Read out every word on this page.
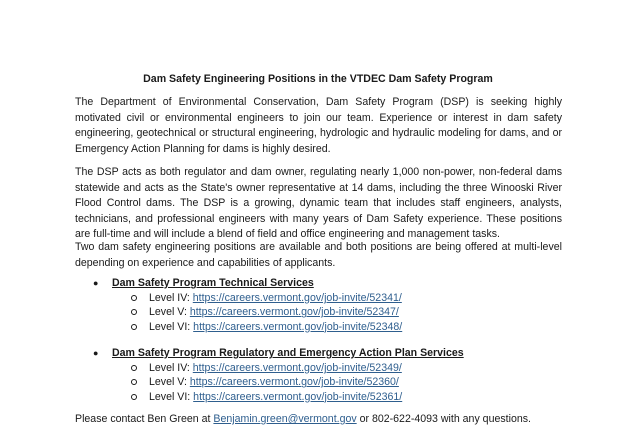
Dam Safety Engineering Positions in the VTDEC Dam Safety Program

The Department of Environmental Conservation, Dam Safety Program (DSP) is seeking highly motivated civil or environmental engineers to join our team. Experience or interest in dam safety engineering, geotechnical or structural engineering, hydrologic and hydraulic modeling for dams, and or Emergency Action Planning for dams is highly desired.

The DSP acts as both regulator and dam owner, regulating nearly 1,000 non-power, non-federal dams statewide and acts as the State's owner representative at 14 dams, including the three Winooski River Flood Control dams. The DSP is a growing, dynamic team that includes staff engineers, analysts, technicians, and professional engineers with many years of Dam Safety experience. These positions are full-time and will include a blend of field and office engineering and management tasks.

Two dam safety engineering positions are available and both positions are being offered at multi-level depending on experience and capabilities of applicants.

● Dam Safety Program Technical Services
Level IV: https://careers.vermont.gov/job-invite/52341/
Level V: https://careers.vermont.gov/job-invite/52347/
Level VI: https://careers.vermont.gov/job-invite/52348/
● Dam Safety Program Regulatory and Emergency Action Plan Services
Level IV: https://careers.vermont.gov/job-invite/52349/
Level V: https://careers.vermont.gov/job-invite/52360/
Level VI: https://careers.vermont.gov/job-invite/52361/
Please contact Ben Green at Benjamin.green@vermont.gov or 802-622-4093 with any questions.
